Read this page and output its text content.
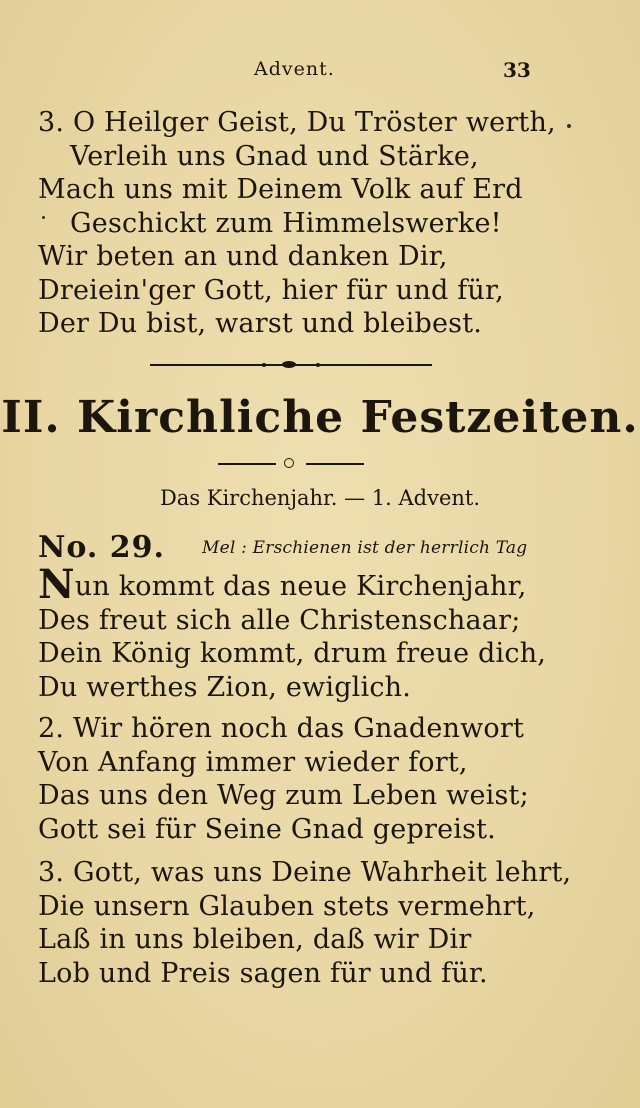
Advent.	33
3. O Heilger Geist, Du Tröster werth,
Verleih uns Gnad und Stärke,
Mach uns mit Deinem Volk auf Erd
Geschickt zum Himmelswerke!
Wir beten an und danken Dir,
Dreiein'ger Gott, hier für und für,
Der Du bist, warst und bleibest.
II. Kirchliche Festzeiten.
Das Kirchenjahr. — 1. Advent.
No. 29. Mel : Erschienen ist der herrlich Tag
Nun kommt das neue Kirchenjahr,
Des freut sich alle Christenschaar;
Dein König kommt, drum freue dich,
Du werthes Zion, ewiglich.
2. Wir hören noch das Gnadenwort
Von Anfang immer wieder fort,
Das uns den Weg zum Leben weist;
Gott sei für Seine Gnad gepreist.
3. Gott, was uns Deine Wahrheit lehrt,
Die unsern Glauben stets vermehrt,
Laß in uns bleiben, daß wir Dir
Lob und Preis sagen für und für.
